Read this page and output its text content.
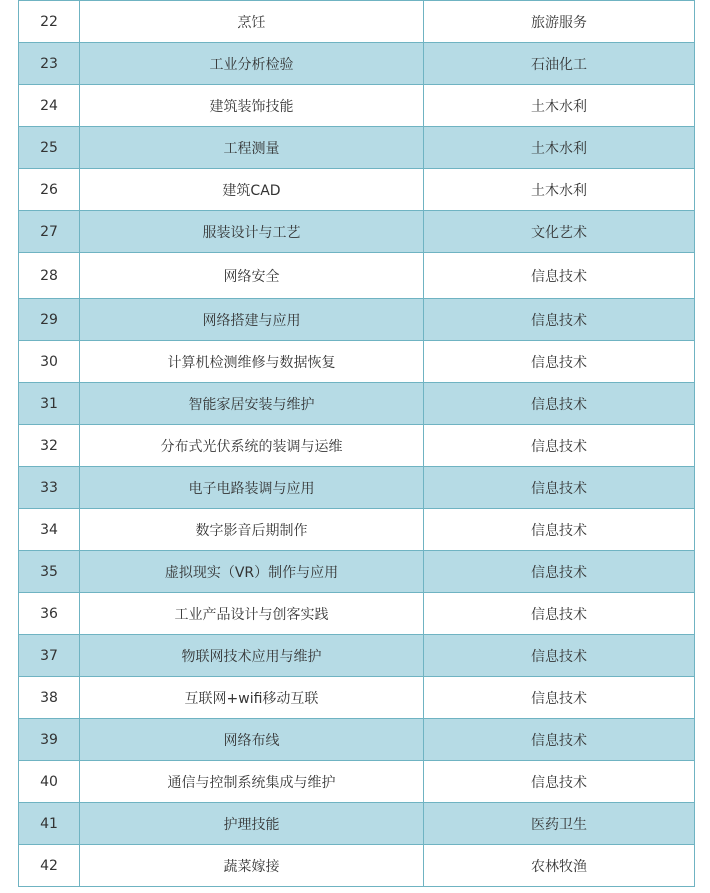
22	烹饪	旅游服务
23	工业分析检验	石油化工
24	建筑装饰技能	土木水利
25	工程测量	土木水利
26	建筑CAD	土木水利
27	服装设计与工艺	文化艺术
28	网络安全	信息技术
29	网络搭建与应用	信息技术
30	计算机检测维修与数据恢复	信息技术
31	智能家居安装与维护	信息技术
32	分布式光伏系统的装调与运维	信息技术
33	电子电路装调与应用	信息技术
34	数字影音后期制作	信息技术
35	虚拟现实（VR）制作与应用	信息技术
36	工业产品设计与创客实践	信息技术
37	物联网技术应用与维护	信息技术
38	互联网+wifi移动互联	信息技术
39	网络布线	信息技术
40	通信与控制系统集成与维护	信息技术
41	护理技能	医药卫生
42	蔬菜嫁接	农林牧渔
